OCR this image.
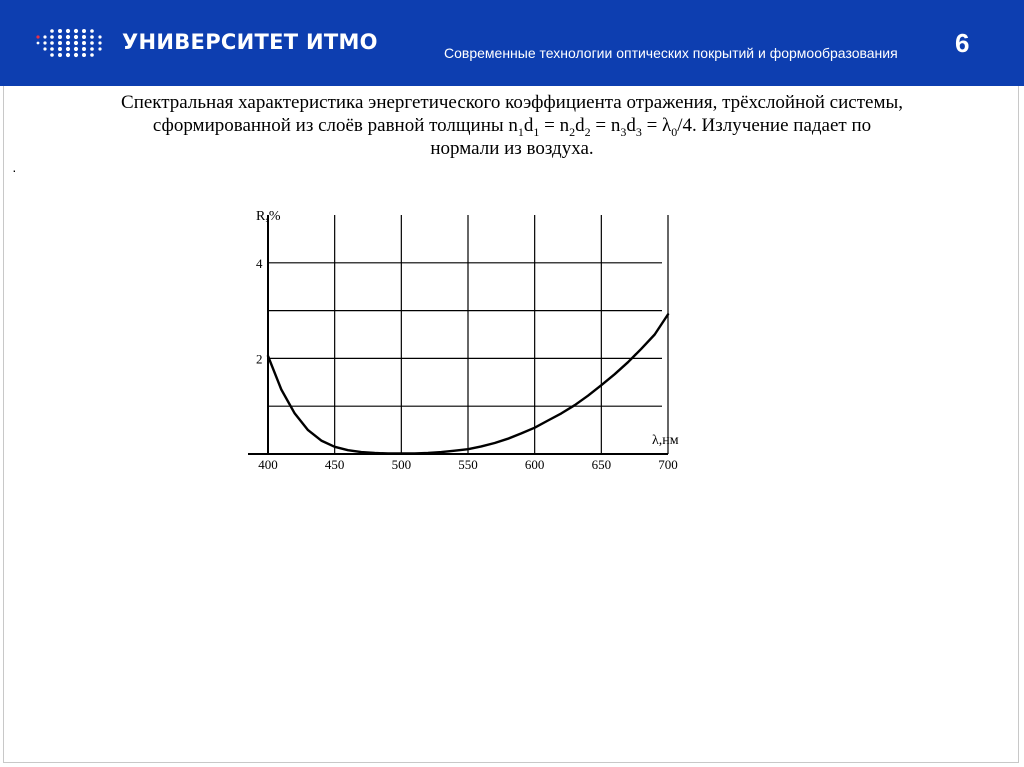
УНИВЕРСИТЕТ ИТМО	Современные технологии оптических покрытий и формообразования 6
Спектральная характеристика энергетического коэффициента отражения, трёхслойной системы,
сформированной из слоёв равной толщины $n_1d_1 = n_2d_2 = n_3d_3 = \lambda_0/4$. Излучение падает по
нормали из воздуха.
·
400	450	500	550	600	650	700
2
4
R,%
λ,нм
